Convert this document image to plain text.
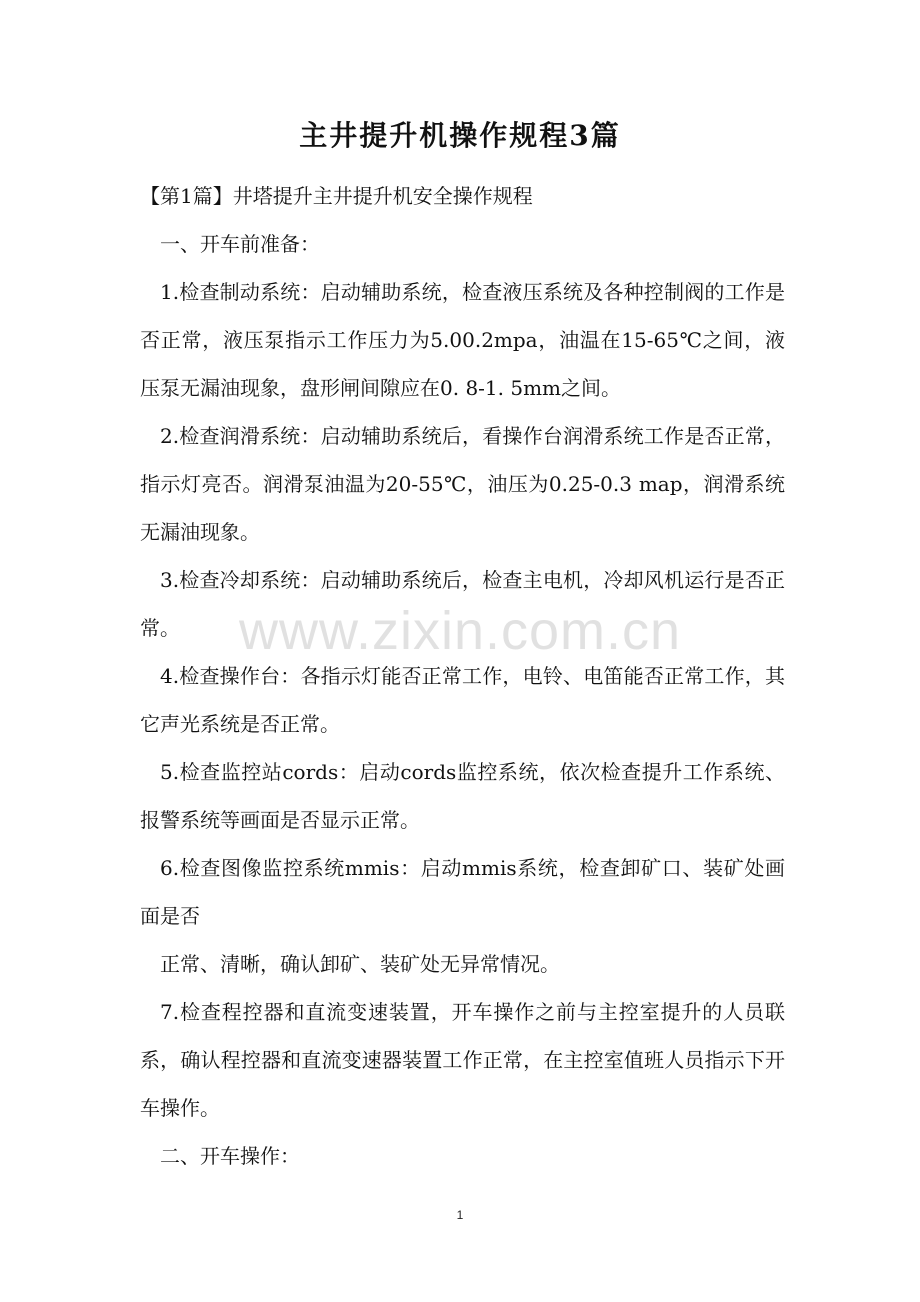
主井提升机操作规程3篇

【第1篇】井塔提升主井提升机安全操作规程

一、开车前准备：

1.检查制动系统：启动辅助系统，检查液压系统及各种控制阀的工作是否正常，液压泵指示工作压力为5.00.2mpa，油温在15-65℃之间，液压泵无漏油现象，盘形闸间隙应在0. 8-1. 5mm之间。

2.检查润滑系统：启动辅助系统后，看操作台润滑系统工作是否正常，指示灯亮否。润滑泵油温为20-55℃，油压为0.25-0.3 map，润滑系统无漏油现象。

3.检查冷却系统：启动辅助系统后，检查主电机，冷却风机运行是否正常。

4.检查操作台：各指示灯能否正常工作，电铃、电笛能否正常工作，其它声光系统是否正常。

5.检查监控站cords：启动cords监控系统，依次检查提升工作系统、报警系统等画面是否显示正常。

6.检查图像监控系统mmis：启动mmis系统，检查卸矿口、装矿处画面是否

正常、清晰，确认卸矿、装矿处无异常情况。

7.检查程控器和直流变速装置，开车操作之前与主控室提升的人员联系，确认程控器和直流变速器装置工作正常，在主控室值班人员指示下开车操作。

二、开车操作：

www.zixin.com.cn
1
